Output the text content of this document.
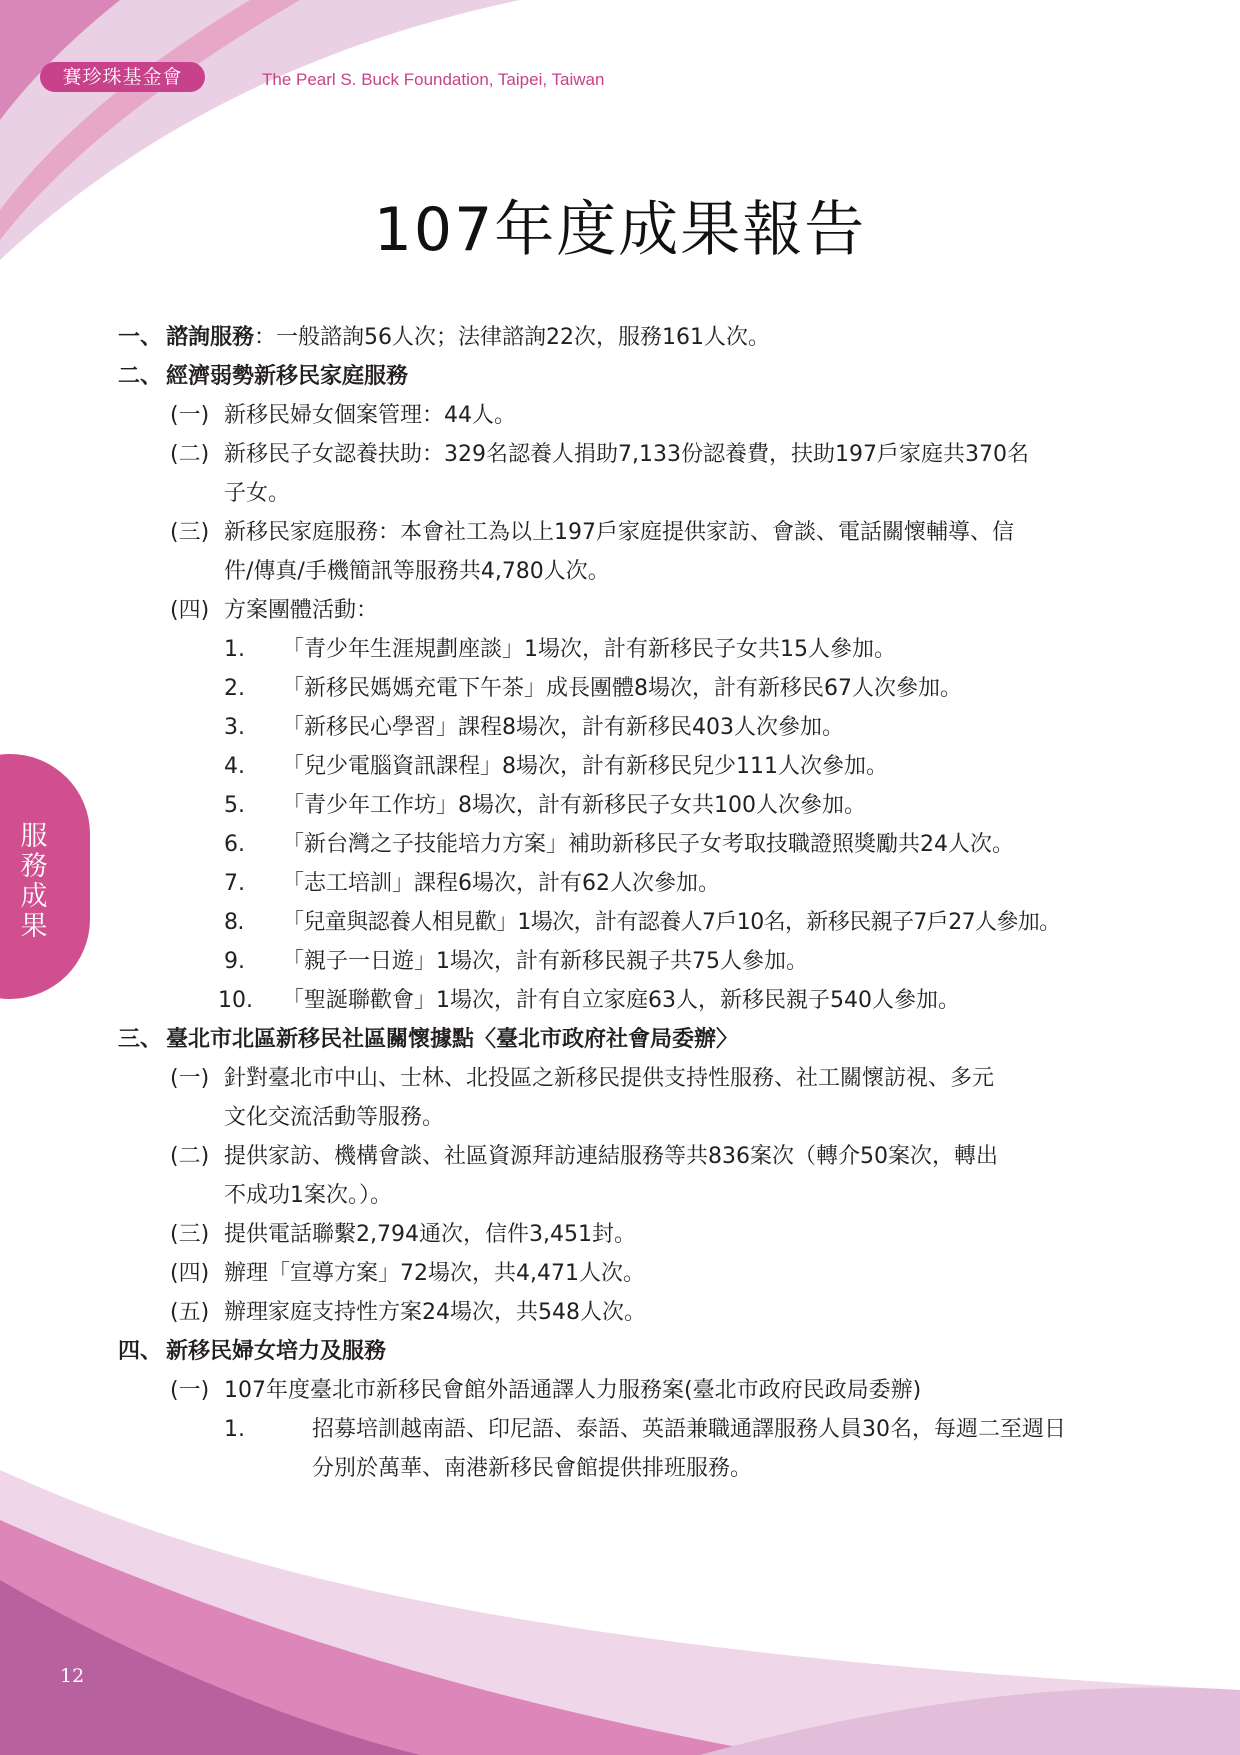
賽珍珠基金會	The Pearl S. Buck Foundation, Taipei, Taiwan
107年度成果報告
服務成果
一、 諮詢服務：一般諮詢56人次；法律諮詢22次，服務161人次。
二、 經濟弱勢新移民家庭服務
(一) 新移民婦女個案管理：44人。
(二) 新移民子女認養扶助：329名認養人捐助7,133份認養費，扶助197戶家庭共370名
子女。
(三) 新移民家庭服務：本會社工為以上197戶家庭提供家訪、會談、電話關懷輔導、信
件/傳真/手機簡訊等服務共4,780人次。
(四) 方案團體活動：
1. 「青少年生涯規劃座談」1場次，計有新移民子女共15人參加。
2. 「新移民媽媽充電下午茶」成長團體8場次，計有新移民67人次參加。
3. 「新移民心學習」課程8場次，計有新移民403人次參加。
4. 「兒少電腦資訊課程」8場次，計有新移民兒少111人次參加。
5. 「青少年工作坊」8場次，計有新移民子女共100人次參加。
6. 「新台灣之子技能培力方案」補助新移民子女考取技職證照獎勵共24人次。
7. 「志工培訓」課程6場次，計有62人次參加。
8. 「兒童與認養人相見歡」1場次，計有認養人7戶10名，新移民親子7戶27人參加。
9. 「親子一日遊」1場次，計有新移民親子共75人參加。
10. 「聖誕聯歡會」1場次，計有自立家庭63人，新移民親子540人參加。
三、 臺北市北區新移民社區關懷據點〈臺北市政府社會局委辦〉
(一) 針對臺北市中山、士林、北投區之新移民提供支持性服務、社工關懷訪視、多元
文化交流活動等服務。
(二) 提供家訪、機構會談、社區資源拜訪連結服務等共836案次（轉介50案次，轉出
不成功1案次。）。
(三) 提供電話聯繫2,794通次，信件3,451封。
(四) 辦理「宣導方案」72場次，共4,471人次。
(五) 辦理家庭支持性方案24場次，共548人次。
四、 新移民婦女培力及服務
(一) 107年度臺北市新移民會館外語通譯人力服務案(臺北市政府民政局委辦)
1.	招募培訓越南語、印尼語、泰語、英語兼職通譯服務人員30名，每週二至週日
分別於萬華、南港新移民會館提供排班服務。
12
